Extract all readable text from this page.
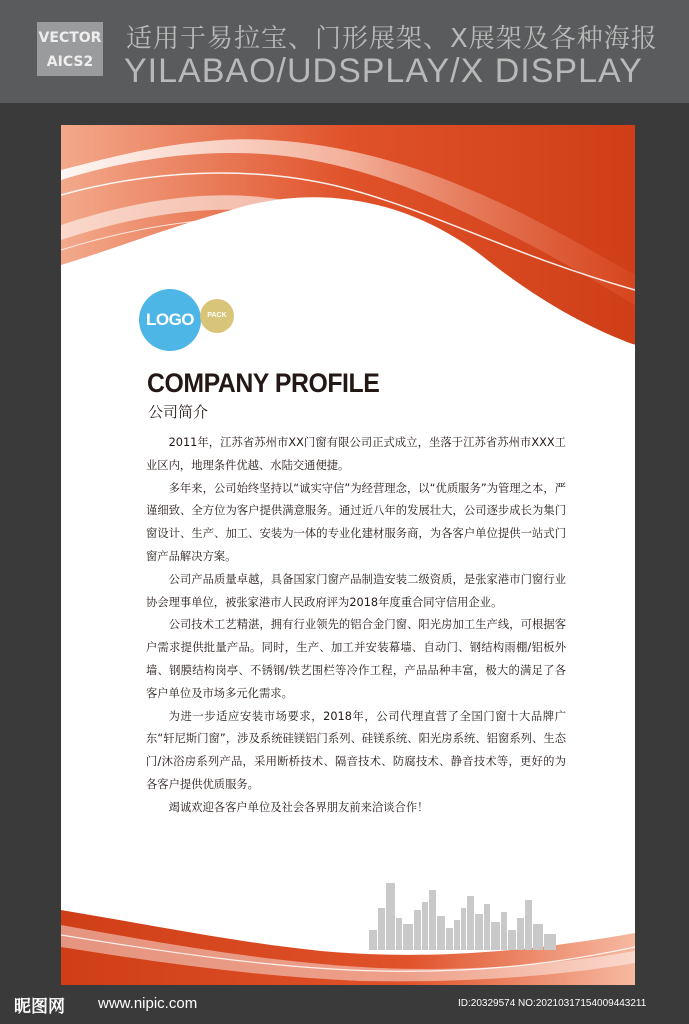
VECTOR
AICS2
适用于易拉宝、门形展架、X展架及各种海报
YILABAO/UDSPLAY/X DISPLAY
LOGO	PACK
COMPANY PROFILE
公司简介

2011年，江苏省苏州市XX门窗有限公司正式成立，坐落于江苏省苏州市XXX工业区内，地理条件优越、水陆交通便捷。

多年来，公司始终坚持以“诚实守信”为经营理念，以“优质服务”为管理之本，严谨细致、全方位为客户提供满意服务。通过近八年的发展壮大，公司逐步成长为集门窗设计、生产、加工、安装为一体的专业化建材服务商，为各客户单位提供一站式门窗产品解决方案。

公司产品质量卓越，具备国家门窗产品制造安装二级资质，是张家港市门窗行业协会理事单位，被张家港市人民政府评为2018年度重合同守信用企业。

公司技术工艺精湛，拥有行业领先的铝合金门窗、阳光房加工生产线，可根据客户需求提供批量产品。同时，生产、加工并安装幕墙、自动门、钢结构雨棚/铝板外墙、钢膜结构岗亭、不锈钢/铁艺围栏等冷作工程，产品品种丰富，极大的满足了各客户单位及市场多元化需求。

为进一步适应安装市场要求，2018年，公司代理直营了全国门窗十大品牌广东“轩尼斯门窗”，涉及系统硅镁铝门系列、硅镁系统、阳光房系统、铝窗系列、生态门/沐浴房系列产品，采用断桥技术、隔音技术、防腐技术、静音技术等，更好的为各客户提供优质服务。

竭诚欢迎各客户单位及社会各界朋友前来洽谈合作！

昵图网 www.nipic.com	ID:20329574 NO:20210317154009443211
